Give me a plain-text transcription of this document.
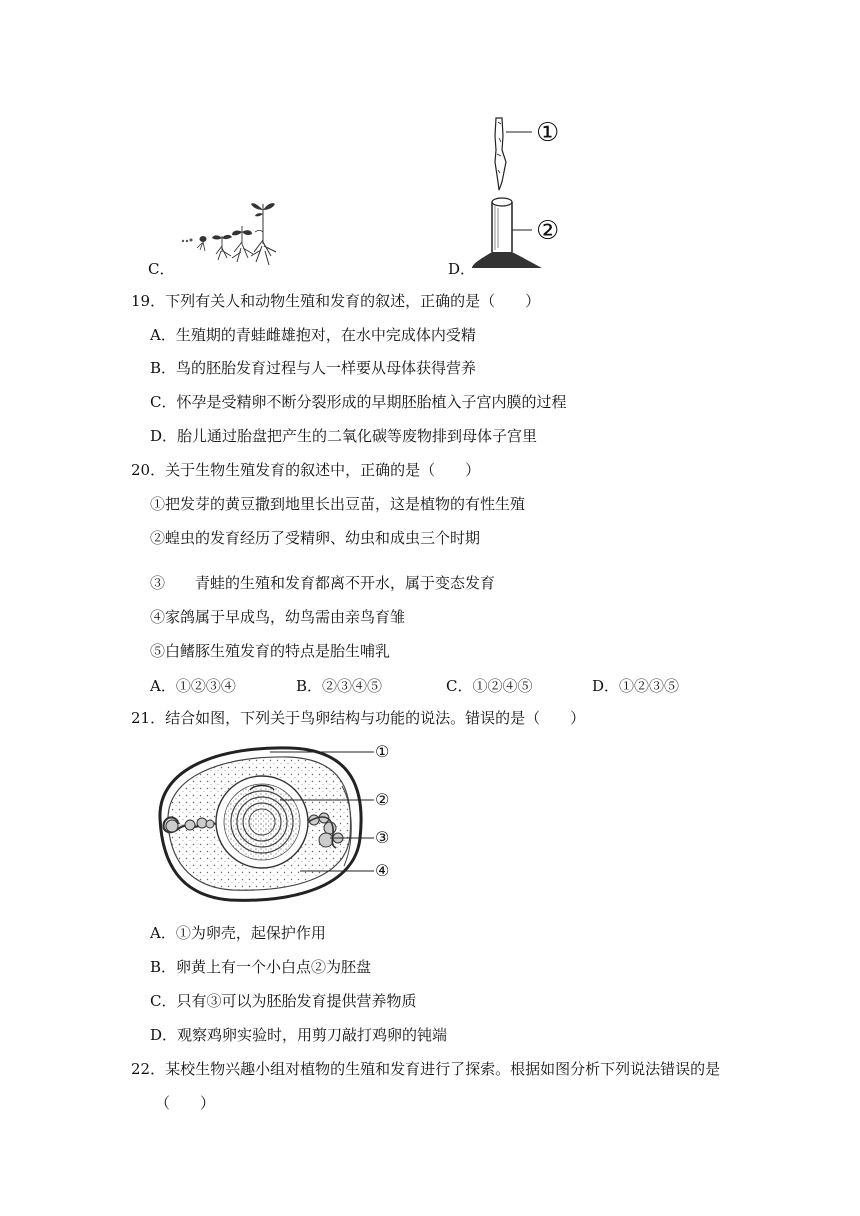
C．
①
②
D．
19．下列有关人和动物生殖和发育的叙述，正确的是（　　）
A．生殖期的青蛙雌雄抱对，在水中完成体内受精
B．鸟的胚胎发育过程与人一样要从母体获得营养
C．怀孕是受精卵不断分裂形成的早期胚胎植入子宫内膜的过程
D．胎儿通过胎盘把产生的二氧化碳等废物排到母体子宫里
20．关于生物生殖发育的叙述中，正确的是（　　）
①把发芽的黄豆撒到地里长出豆苗，这是植物的有性生殖
②蝗虫的发育经历了受精卵、幼虫和成虫三个时期
③　　青蛙的生殖和发育都离不开水，属于变态发育
④家鸽属于早成鸟，幼鸟需由亲鸟育雏
⑤白鳍豚生殖发育的特点是胎生哺乳
A．①②③④	B．②③④⑤	C．①②④⑤	D．①②③⑤
21．结合如图，下列关于鸟卵结构与功能的说法。错误的是（　　）
①
②
③
④
A．①为卵壳，起保护作用
B．卵黄上有一个小白点②为胚盘
C．只有③可以为胚胎发育提供营养物质
D．观察鸡卵实验时，用剪刀敲打鸡卵的钝端
22．某校生物兴趣小组对植物的生殖和发育进行了探索。根据如图分析下列说法错误的是
（　　）
